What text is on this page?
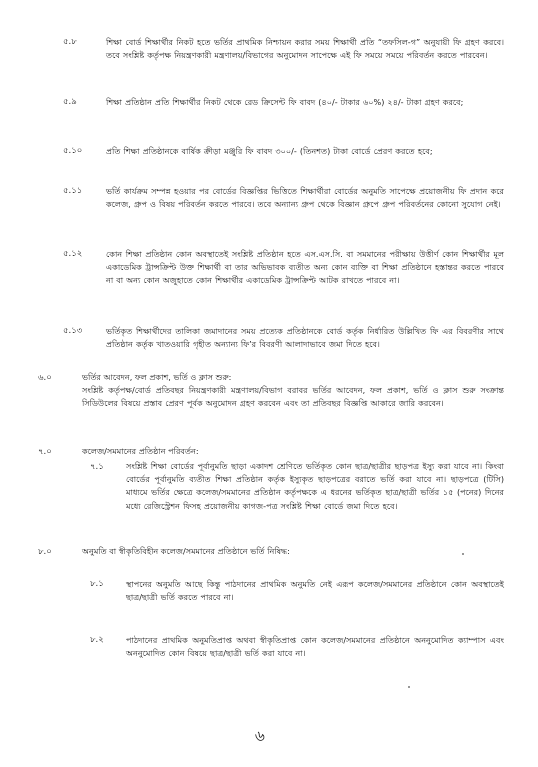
৫.৮	শিক্ষা বোর্ড শিক্ষার্থীর নিকট হতে ভর্তির প্রাথমিক নিশ্চায়ন করার সময় শিক্ষার্থী প্রতি “তফসিল-গ” অনুযায়ী ফি গ্রহণ করবে। তবে সংশ্লিষ্ট কর্তৃপক্ষ নিয়ন্ত্রণকারী মন্ত্রণালয়/বিভাগের অনুমোদন সাপেক্ষে এই ফি সময়ে সময়ে পরিবর্তন করতে পারবেন।
৫.৯	শিক্ষা প্রতিষ্ঠান প্রতি শিক্ষার্থীর নিকট থেকে রেড ক্রিসেন্ট ফি বাবদ (৪০/- টাকার ৬০%) ২৪/- টাকা গ্রহণ করবে;
৫.১০	প্রতি শিক্ষা প্রতিষ্ঠানকে বার্ষিক ক্রীড়া মঞ্জুরি ফি বাবদ ৩০০/- (তিনশত) টাকা বোর্ডে প্রেরণ করতে হবে;
৫.১১	ভর্তি কার্যক্রম সম্পন্ন হওয়ার পর বোর্ডের বিজ্ঞপ্তির ভিত্তিতে শিক্ষার্থীরা বোর্ডের অনুমতি সাপেক্ষে প্রয়োজনীয় ফি প্রদান করে কলেজ, গ্রুপ ও বিষয় পরিবর্তন করতে পারবে। তবে অন্যান্য গ্রুপ থেকে বিজ্ঞান গ্রুপে গ্রুপ পরিবর্তনের কোনো সুযোগ নেই।
৫.১২	কোন শিক্ষা প্রতিষ্ঠান কোন অবস্থাতেই সংশ্লিষ্ট প্রতিষ্ঠান হতে এস.এস.সি. বা সমমানের পরীক্ষায় উত্তীর্ণ কোন শিক্ষার্থীর মূল একাডেমিক ট্রান্সক্রিপ্ট উক্ত শিক্ষার্থী বা তার অভিভাবক ব্যতীত অন্য কোন ব্যক্তি বা শিক্ষা প্রতিষ্ঠানে হস্তান্তর করতে পারবে না বা অন্য কোন অজুহাতে কোন শিক্ষার্থীর একাডেমিক ট্রান্সক্রিপ্ট আটক রাখতে পারবে না।
৫.১৩	ভর্তিকৃত শিক্ষার্থীদের তালিকা জমাদানের সময় প্রত্যেক প্রতিষ্ঠানকে বোর্ড কর্তৃক নির্ধারিত উল্লিখিত ফি এর বিবরণীর সাথে প্রতিষ্ঠান কর্তৃক খাতওয়ারি গৃহীত অন্যান্য ফি’র বিবরণী আলাদাভাবে জমা দিতে হবে।
৬.০	ভর্তির আবেদন, ফল প্রকাশ, ভর্তি ও ক্লাস শুরু:
সংশ্লিষ্ট কর্তৃপক্ষ/বোর্ড প্রতিবছর নিয়ন্ত্রণকারী মন্ত্রণালয়/বিভাগ বরাবর ভর্তির আবেদন, ফল প্রকাশ, ভর্তি ও ক্লাস শুরু সংক্রান্ত সিডিউলের বিষয়ে প্রস্তাব প্রেরণ পূর্বক অনুমোদন গ্রহণ করবেন এবং তা প্রতিবছর বিজ্ঞপ্তি আকারে জারি করবেন।
৭.০	কলেজ/সমমানের প্রতিষ্ঠান পরিবর্তন:
৭.১	সংশ্লিষ্ট শিক্ষা বোর্ডের পূর্বানুমতি ছাড়া একাদশ শ্রেণিতে ভর্তিকৃত কোন ছাত্র/ছাত্রীর ছাড়পত্র ইস্যু করা যাবে না। কিংবা বোর্ডের পূর্বানুমতি ব্যতীত শিক্ষা প্রতিষ্ঠান কর্তৃক ইস্যুকৃত ছাড়পত্রের বরাতে ভর্তি করা যাবে না। ছাড়পত্রে (টিসি) মাধ্যমে ভর্তির ক্ষেত্রে কলেজ/সমমানের প্রতিষ্ঠান কর্তৃপক্ষকে এ ধরনের ভর্তিকৃত ছাত্র/ছাত্রী ভর্তির ১৫ (পনের) দিনের মধ্যে রেজিস্ট্রেশন ফিসহ প্রয়োজনীয় কাগজ-পত্র সংশ্লিষ্ট শিক্ষা বোর্ডে জমা দিতে হবে।
৮.০	অনুমতি বা স্বীকৃতিবিহীন কলেজ/সমমানের প্রতিষ্ঠানে ভর্তি নিষিদ্ধ:
৮.১	স্থাপনের অনুমতি আছে কিন্তু পাঠদানের প্রাথমিক অনুমতি নেই এরূপ কলেজ/সমমানের প্রতিষ্ঠানে কোন অবস্থাতেই ছাত্র/ছাত্রী ভর্তি করতে পারবে না।
৮.২	পাঠদানের প্রাথমিক অনুমতিপ্রাপ্ত অথবা স্বীকৃতিপ্রাপ্ত কোন কলেজ/সমমানের প্রতিষ্ঠানে অননুমোদিত ক্যাম্পাস এবং অননুমোদিত কোন বিষয়ে ছাত্র/ছাত্রী ভর্তি করা যাবে না।
৬
